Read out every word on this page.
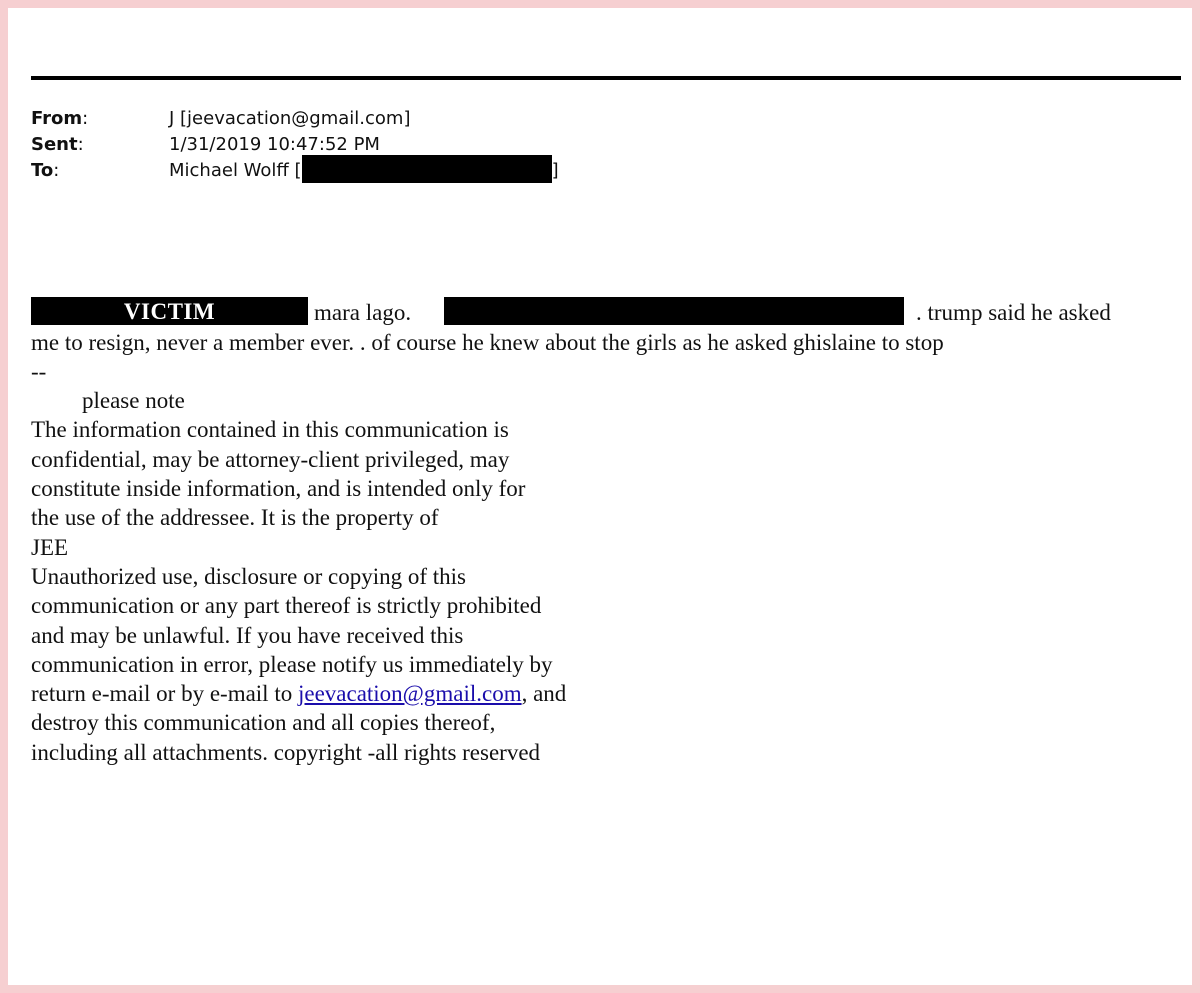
From:	J [jeevacation@gmail.com]
Sent:	1/31/2019 10:47:52 PM
To:	Michael Wolff [	]
VICTIM	mara lago.	. trump said he asked
me to resign, never a member ever. . of course he knew about the girls as he asked ghislaine to stop
--
please note
The information contained in this communication is
confidential, may be attorney-client privileged, may
constitute inside information, and is intended only for
the use of the addressee. It is the property of
JEE
Unauthorized use, disclosure or copying of this
communication or any part thereof is strictly prohibited
and may be unlawful. If you have received this
communication in error, please notify us immediately by
return e-mail or by e-mail to jeevacation@gmail.com, and
destroy this communication and all copies thereof,
including all attachments. copyright -all rights reserved
